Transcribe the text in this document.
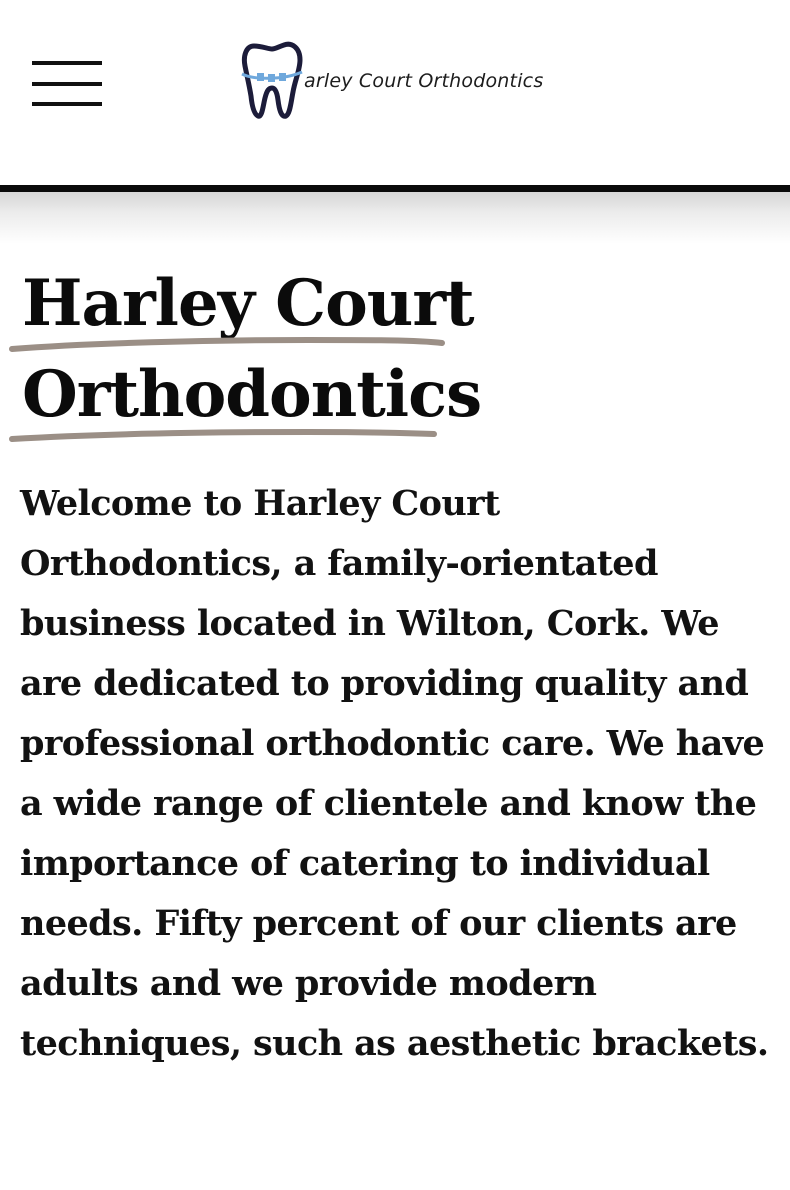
arley Court Orthodontics
Harley Court
Orthodontics

Welcome to Harley Court Orthodontics, a family-orientated business located in Wilton, Cork. We are dedicated to providing quality and professional orthodontic care. We have a wide range of clientele and know the importance of catering to individual needs. Fifty percent of our clients are adults and we provide modern techniques, such as aesthetic brackets.
